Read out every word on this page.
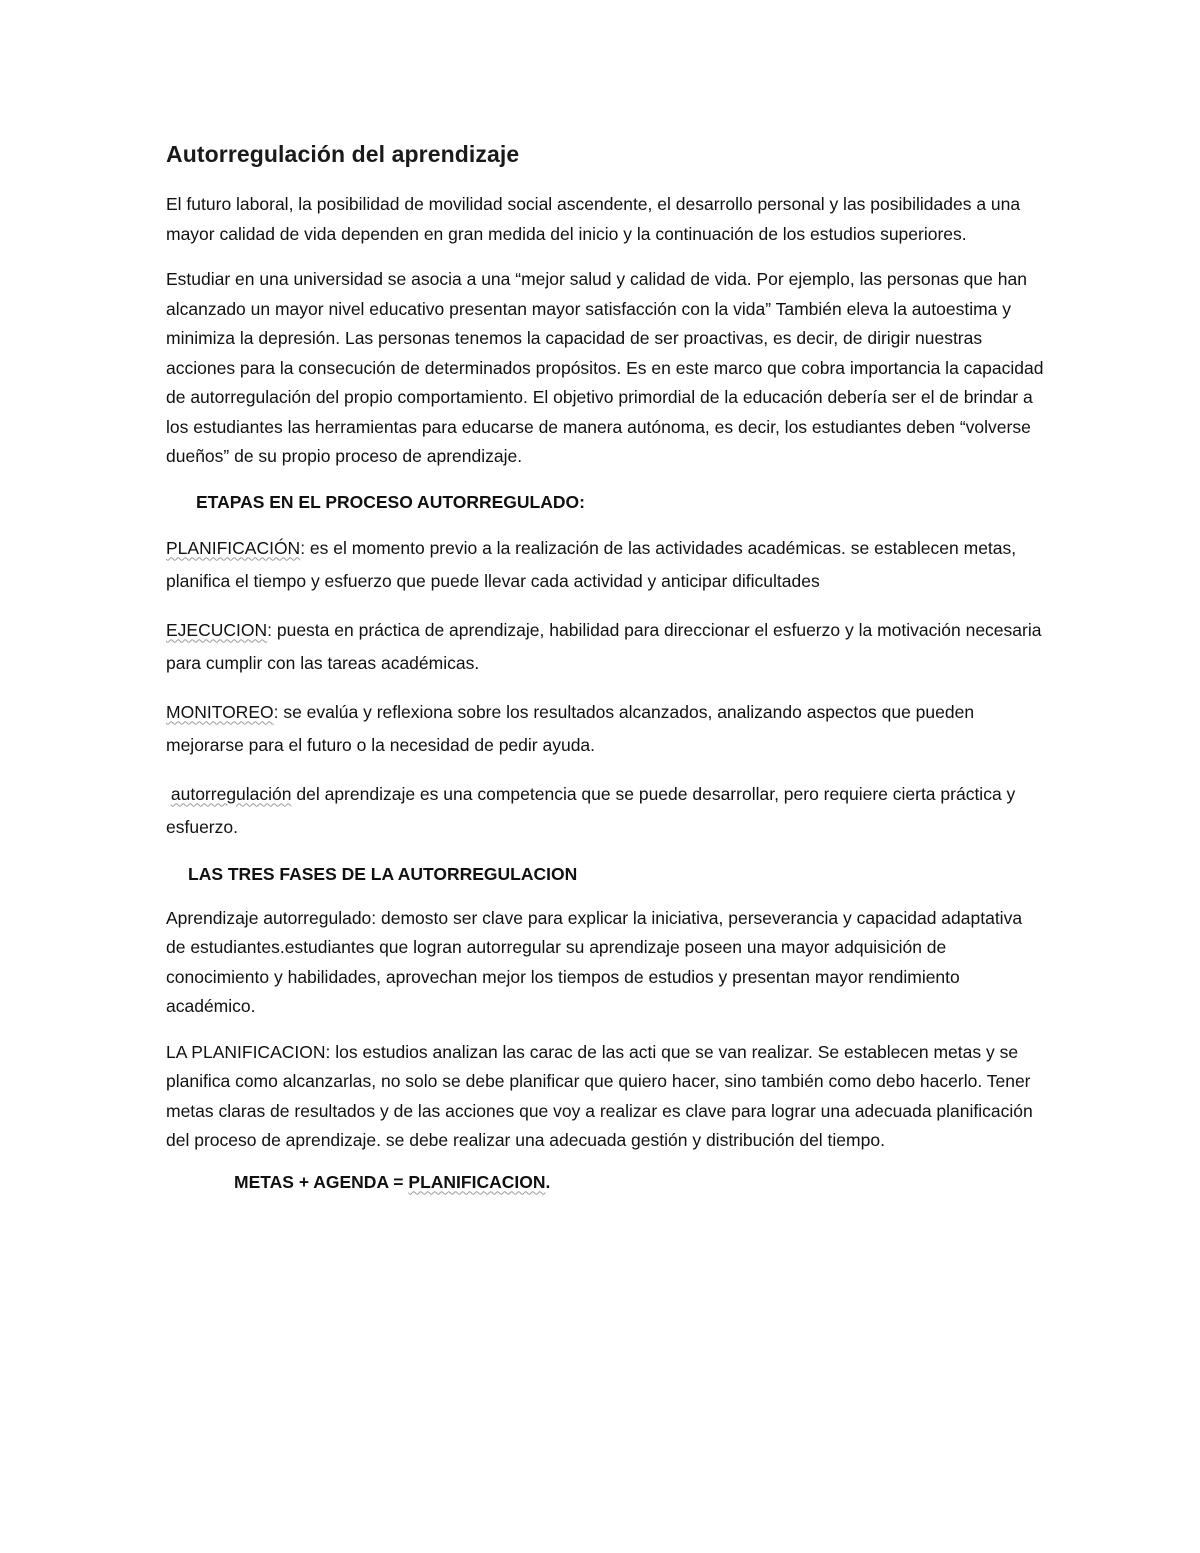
Autorregulación del aprendizaje

El futuro laboral, la posibilidad de movilidad social ascendente, el desarrollo personal y las posibilidades a una mayor calidad de vida dependen en gran medida del inicio y la continuación de los estudios superiores.

Estudiar en una universidad se asocia a una “mejor salud y calidad de vida. Por ejemplo, las personas que han alcanzado un mayor nivel educativo presentan mayor satisfacción con la vida” También eleva la autoestima y minimiza la depresión. Las personas tenemos la capacidad de ser proactivas, es decir, de dirigir nuestras acciones para la consecución de determinados propósitos. Es en este marco que cobra importancia la capacidad de autorregulación del propio comportamiento. El objetivo primordial de la educación debería ser el de brindar a los estudiantes las herramientas para educarse de manera autónoma, es decir, los estudiantes deben “volverse dueños” de su propio proceso de aprendizaje.

ETAPAS EN EL PROCESO AUTORREGULADO:

PLANIFICACIÓN: es el momento previo a la realización de las actividades académicas. se establecen metas, planifica el tiempo y esfuerzo que puede llevar cada actividad y anticipar dificultades

EJECUCION: puesta en práctica de aprendizaje, habilidad para direccionar el esfuerzo y la motivación necesaria para cumplir con las tareas académicas.

MONITOREO: se evalúa y reflexiona sobre los resultados alcanzados, analizando aspectos que pueden mejorarse para el futuro o la necesidad de pedir ayuda.

autorregulación del aprendizaje es una competencia que se puede desarrollar, pero requiere cierta práctica y esfuerzo.

LAS TRES FASES DE LA AUTORREGULACION

Aprendizaje autorregulado: demosto ser clave para explicar la iniciativa, perseverancia y capacidad adaptativa de estudiantes.estudiantes que logran autorregular su aprendizaje poseen una mayor adquisición de conocimiento y habilidades, aprovechan mejor los tiempos de estudios y presentan mayor rendimiento académico.

LA PLANIFICACION: los estudios analizan las carac de las acti que se van realizar. Se establecen metas y se planifica como alcanzarlas, no solo se debe planificar que quiero hacer, sino también como debo hacerlo. Tener metas claras de resultados y de las acciones que voy a realizar es clave para lograr una adecuada planificación del proceso de aprendizaje. se debe realizar una adecuada gestión y distribución del tiempo.

METAS + AGENDA = PLANIFICACION.
